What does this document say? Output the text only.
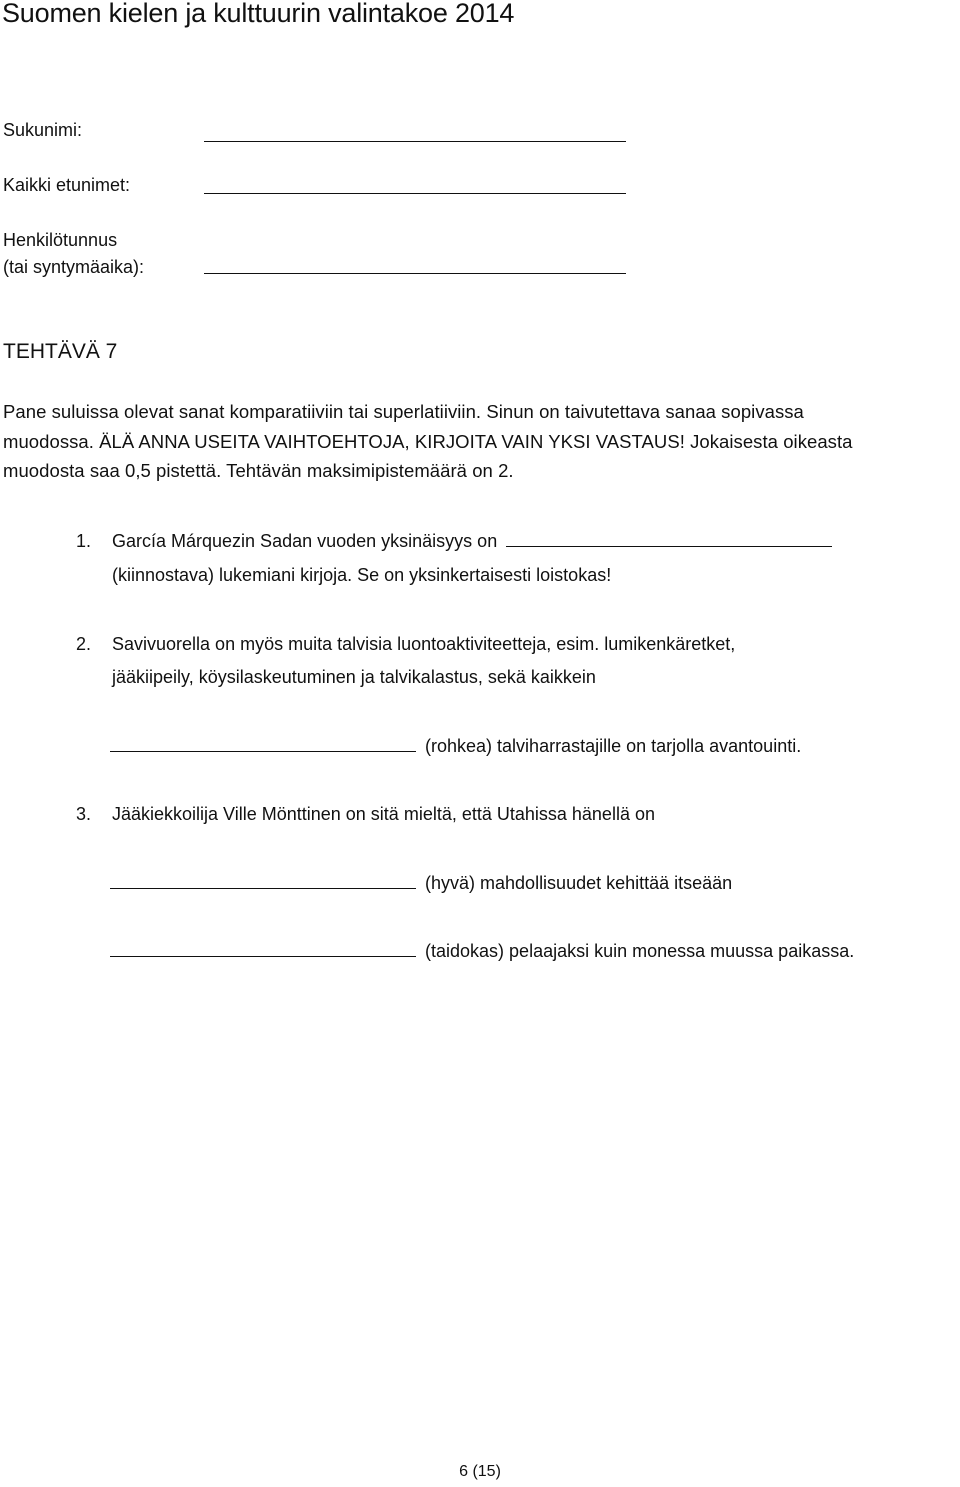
Suomen kielen ja kulttuurin valintakoe 2014
Sukunimi:
Kaikki etunimet:
Henkilötunnus
(tai syntymäaika):
TEHTÄVÄ 7
Pane suluissa olevat sanat komparatiiviin tai superlatiiviin. Sinun on taivutettava sanaa sopivassa
muodossa. ÄLÄ ANNA USEITA VAIHTOEHTOJA, KIRJOITA VAIN YKSI VASTAUS! Jokaisesta oikeasta
muodosta saa 0,5 pistettä. Tehtävän maksimipistemäärä on 2.
1. García Márquezin Sadan vuoden yksinäisyys on
(kiinnostava) lukemiani kirjoja. Se on yksinkertaisesti loistokas!
2. Savivuorella on myös muita talvisia luontoaktiviteetteja, esim. lumikenkäretket,
jääkiipeily, köysilaskeutuminen ja talvikalastus, sekä kaikkein
(rohkea) talviharrastajille on tarjolla avantouinti.
3. Jääkiekkoilija Ville Mönttinen on sitä mieltä, että Utahissa hänellä on
(hyvä) mahdollisuudet kehittää itseään
(taidokas) pelaajaksi kuin monessa muussa paikassa.
6 (15)
